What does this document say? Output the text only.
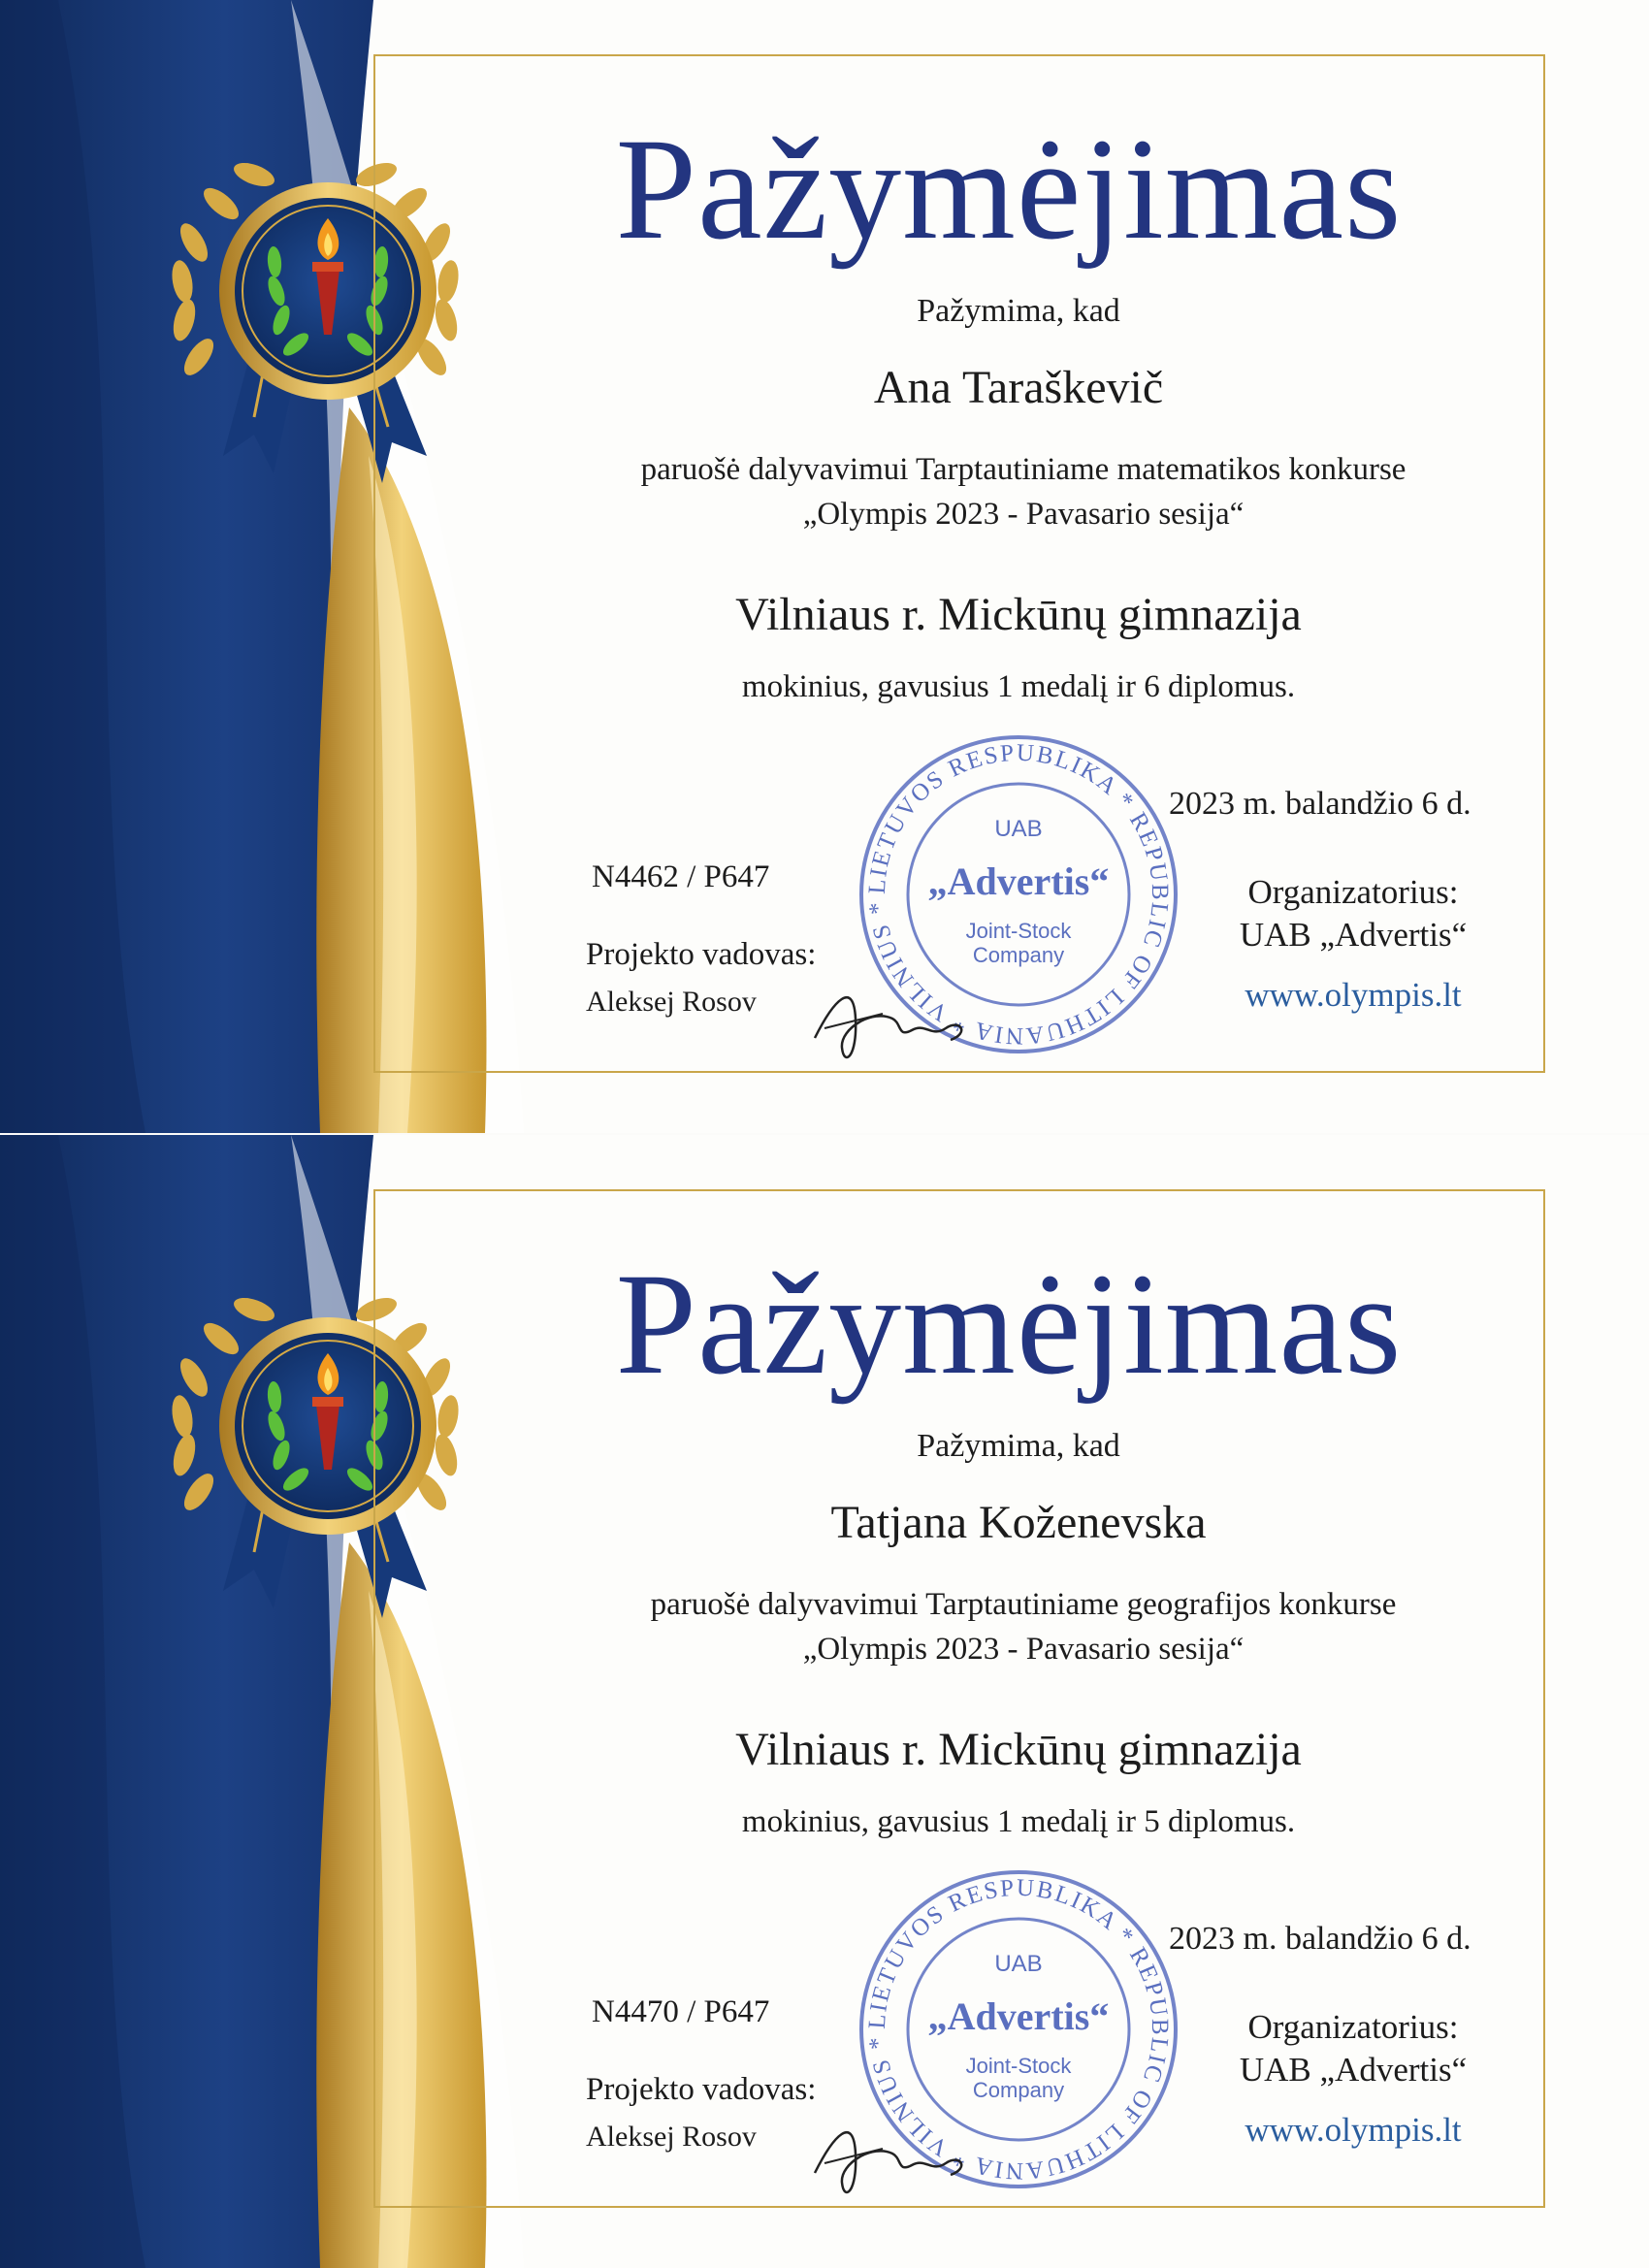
Pažymėjimas
Pažymima, kad
Ana Taraškevič
paruošė dalyvavimui Tarptautiniame matematikos konkurse
„Olympis 2023 - Pavasario sesija“
Vilniaus r. Mickūnų gimnazija
mokinius, gavusius 1 medalį ir 6 diplomus.
2023 m. balandžio 6 d.
N4462 / P647
Projekto vadovas:
Aleksej Rosov
Organizatorius:
UAB „Advertis“
www.olympis.lt
LIETUVOS RESPUBLIKA * REPUBLIC OF LITHUANIA * VILNIUS *
UAB
„Advertis“
Joint-Stock
Company
Pažymėjimas
Pažymima, kad
Tatjana Koženevska
paruošė dalyvavimui Tarptautiniame geografijos konkurse
„Olympis 2023 - Pavasario sesija“
Vilniaus r. Mickūnų gimnazija
mokinius, gavusius 1 medalį ir 5 diplomus.
2023 m. balandžio 6 d.
N4470 / P647
Projekto vadovas:
Aleksej Rosov
Organizatorius:
UAB „Advertis“
www.olympis.lt
LIETUVOS RESPUBLIKA * REPUBLIC OF LITHUANIA * VILNIUS *
UAB
„Advertis“
Joint-Stock
Company
